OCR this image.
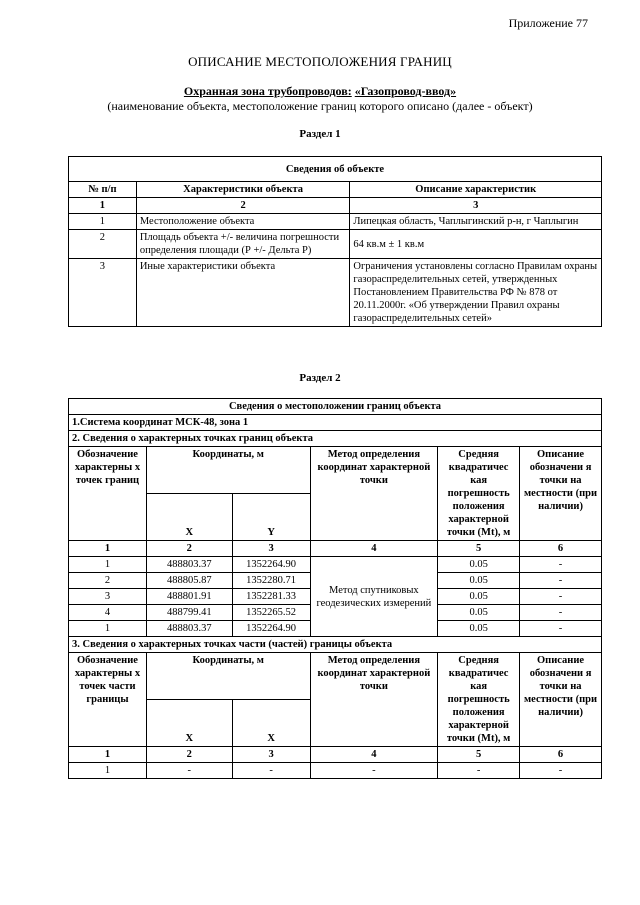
Приложение 77
ОПИСАНИЕ МЕСТОПОЛОЖЕНИЯ ГРАНИЦ
Охранная зона трубопроводов: «Газопровод-ввод»
(наименование объекта, местоположение границ которого описано (далее - объект)
Раздел 1
Сведения об объекте		
№ п/п	Характеристики объекта	Описание характеристик
1	2	3
1	Местоположение объекта	Липецкая область, Чаплыгинский р-н, г Чаплыгин
2	Площадь объекта +/- величина погрешности определения площади (Р +/- Дельта Р)	64 кв.м ± 1 кв.м
3	Иные характеристики объекта	Ограничения установлены согласно Правилам охраны газораспределительных сетей, утвержденных Постановлением Правительства РФ № 878 от 20.11.2000г. «Об утверждении Правил охраны газораспределительных сетей»
Раздел 2
Сведения о местоположении границ объекта					
1.Система координат МСК-48, зона 1					
2. Сведения о характерных точках границ объекта					
Обозначение характерны х точек границ	Координаты, м		Метод определения координат характерной точки	Средняя квадратичес кая погрешность положения характерной точки (Mt), м	Описание обозначени я точки на местности (при наличии)
	X	Y			
1	2	3	4	5	6
1	488803.37	1352264.90	Метод спутниковых геодезических измерений	0.05	-
2	488805.87	1352280.71		0.05	-
3	488801.91	1352281.33		0.05	-
4	488799.41	1352265.52		0.05	-
1	488803.37	1352264.90		0.05	-
3. Сведения о характерных точках части (частей) границы объекта					
Обозначение характерны х точек части границы	Координаты, м		Метод определения координат характерной точки	Средняя квадратичес кая погрешность положения характерной точки (Mt), м	Описание обозначени я точки на местности (при наличии)
	X	X			
1	2	3	4	5	6
1	-	-	-	-	-
